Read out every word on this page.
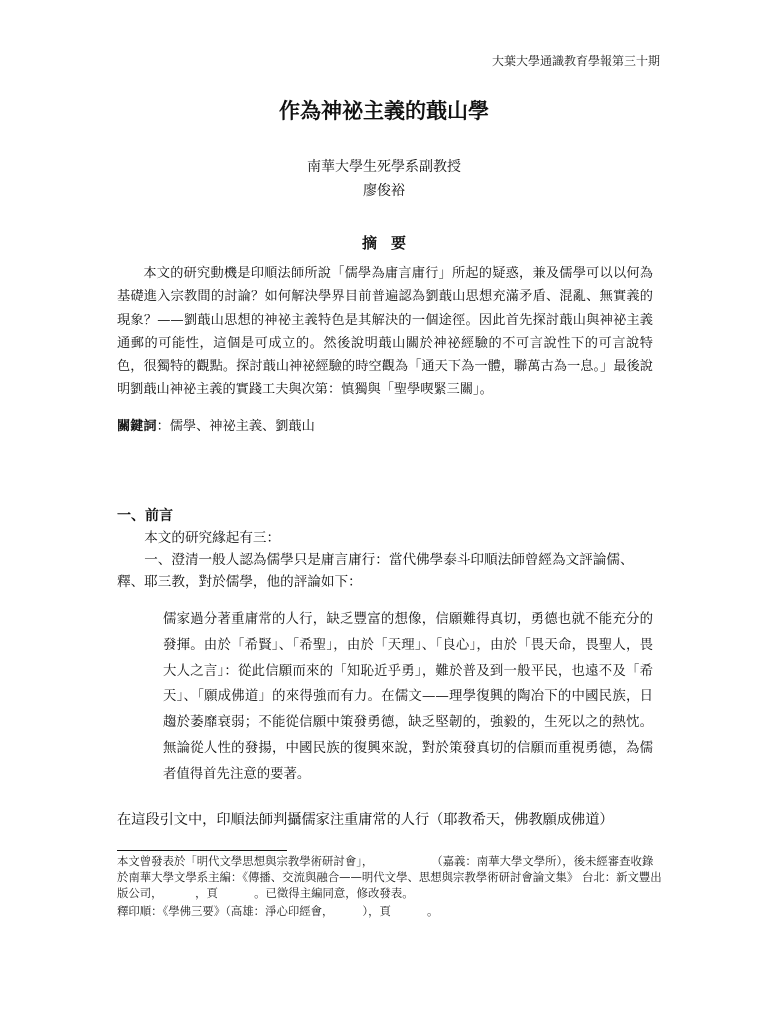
大葉大學通識教育學報第三十期
作為神祕主義的蕺山學
南華大學生死學系副教授
廖俊裕
摘要

本文的研究動機是印順法師所說「儒學為庸言庸行」所起的疑惑，兼及儒學可以以何為基礎進入宗教間的討論？如何解決學界目前普遍認為劉蕺山思想充滿矛盾、混亂、無實義的現象？——劉蕺山思想的神祕主義特色是其解決的一個途徑。因此首先探討蕺山與神祕主義通郵的可能性，這個是可成立的。然後說明蕺山關於神祕經驗的不可言說性下的可言說特色，很獨特的觀點。探討蕺山神祕經驗的時空觀為「通天下為一體，聯萬古為一息。」最後說明劉蕺山神祕主義的實踐工夫與次第：慎獨與「聖學喫緊三關」。

關鍵詞：儒學、神祕主義、劉蕺山

一、前言

本文的研究緣起有三：

一、澄清一般人認為儒學只是庸言庸行：當代佛學泰斗印順法師曾經為文評論儒、釋、耶三教，對於儒學，他的評論如下：

儒家過分著重庸常的人行，缺乏豐富的想像，信願難得真切，勇德也就不能充分的發揮。由於「希賢」、「希聖」，由於「天理」、「良心」，由於「畏天命，畏聖人，畏大人之言」：從此信願而來的「知恥近乎勇」，難於普及到一般平民，也遠不及「希天」、「願成佛道」的來得強而有力。在儒文——理學復興的陶冶下的中國民族，日趨於萎靡衰弱；不能從信願中策發勇德，缺乏堅韌的，強毅的，生死以之的熱忱。無論從人性的發揚，中國民族的復興來說，對於策發真切的信願而重視勇德，為儒者值得首先注意的要著。

在這段引文中，印順法師判攝儒家注重庸常的人行（耶教希天，佛教願成佛道）

本文曾發表於「明代文學思想與宗教學術研討會」，                （嘉義：南華大學文學所），後未經審查收錄於南華大學文學系主編：《傳播、交流與融合——明代文學、思想與宗教學術研討會論文集》 台北：新文豐出版公司，         ，頁          。已徵得主編同意，修改發表。

釋印順：《學佛三要》（高雄：淨心印經會，        ），頁          。
